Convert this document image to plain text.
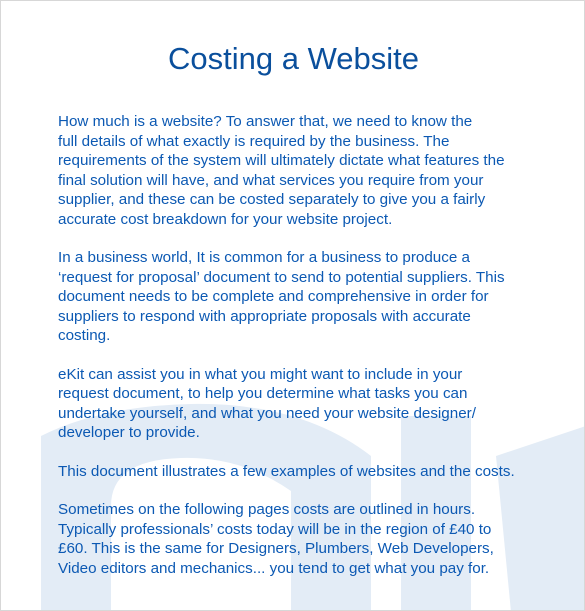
Costing a Website

How much is a website? To answer that, we need to know the
full details of what exactly is required by the business. The
requirements of the system will ultimately dictate what features the
final solution will have, and what services you require from your
supplier, and these can be costed separately to give you a fairly
accurate cost breakdown for your website project.

In a business world, It is common for a business to produce a
‘request for proposal’ document to send to potential suppliers. This
document needs to be complete and comprehensive in order for
suppliers to respond with appropriate proposals with accurate
costing.

eKit can assist you in what you might want to include in your
request document, to help you determine what tasks you can
undertake yourself, and what you need your website designer/
developer to provide.

This document illustrates a few examples of websites and the costs.

Sometimes on the following pages costs are outlined in hours.
Typically professionals’ costs today will be in the region of £40 to
£60. This is the same for Designers, Plumbers, Web Developers,
Video editors and mechanics... you tend to get what you pay for.
